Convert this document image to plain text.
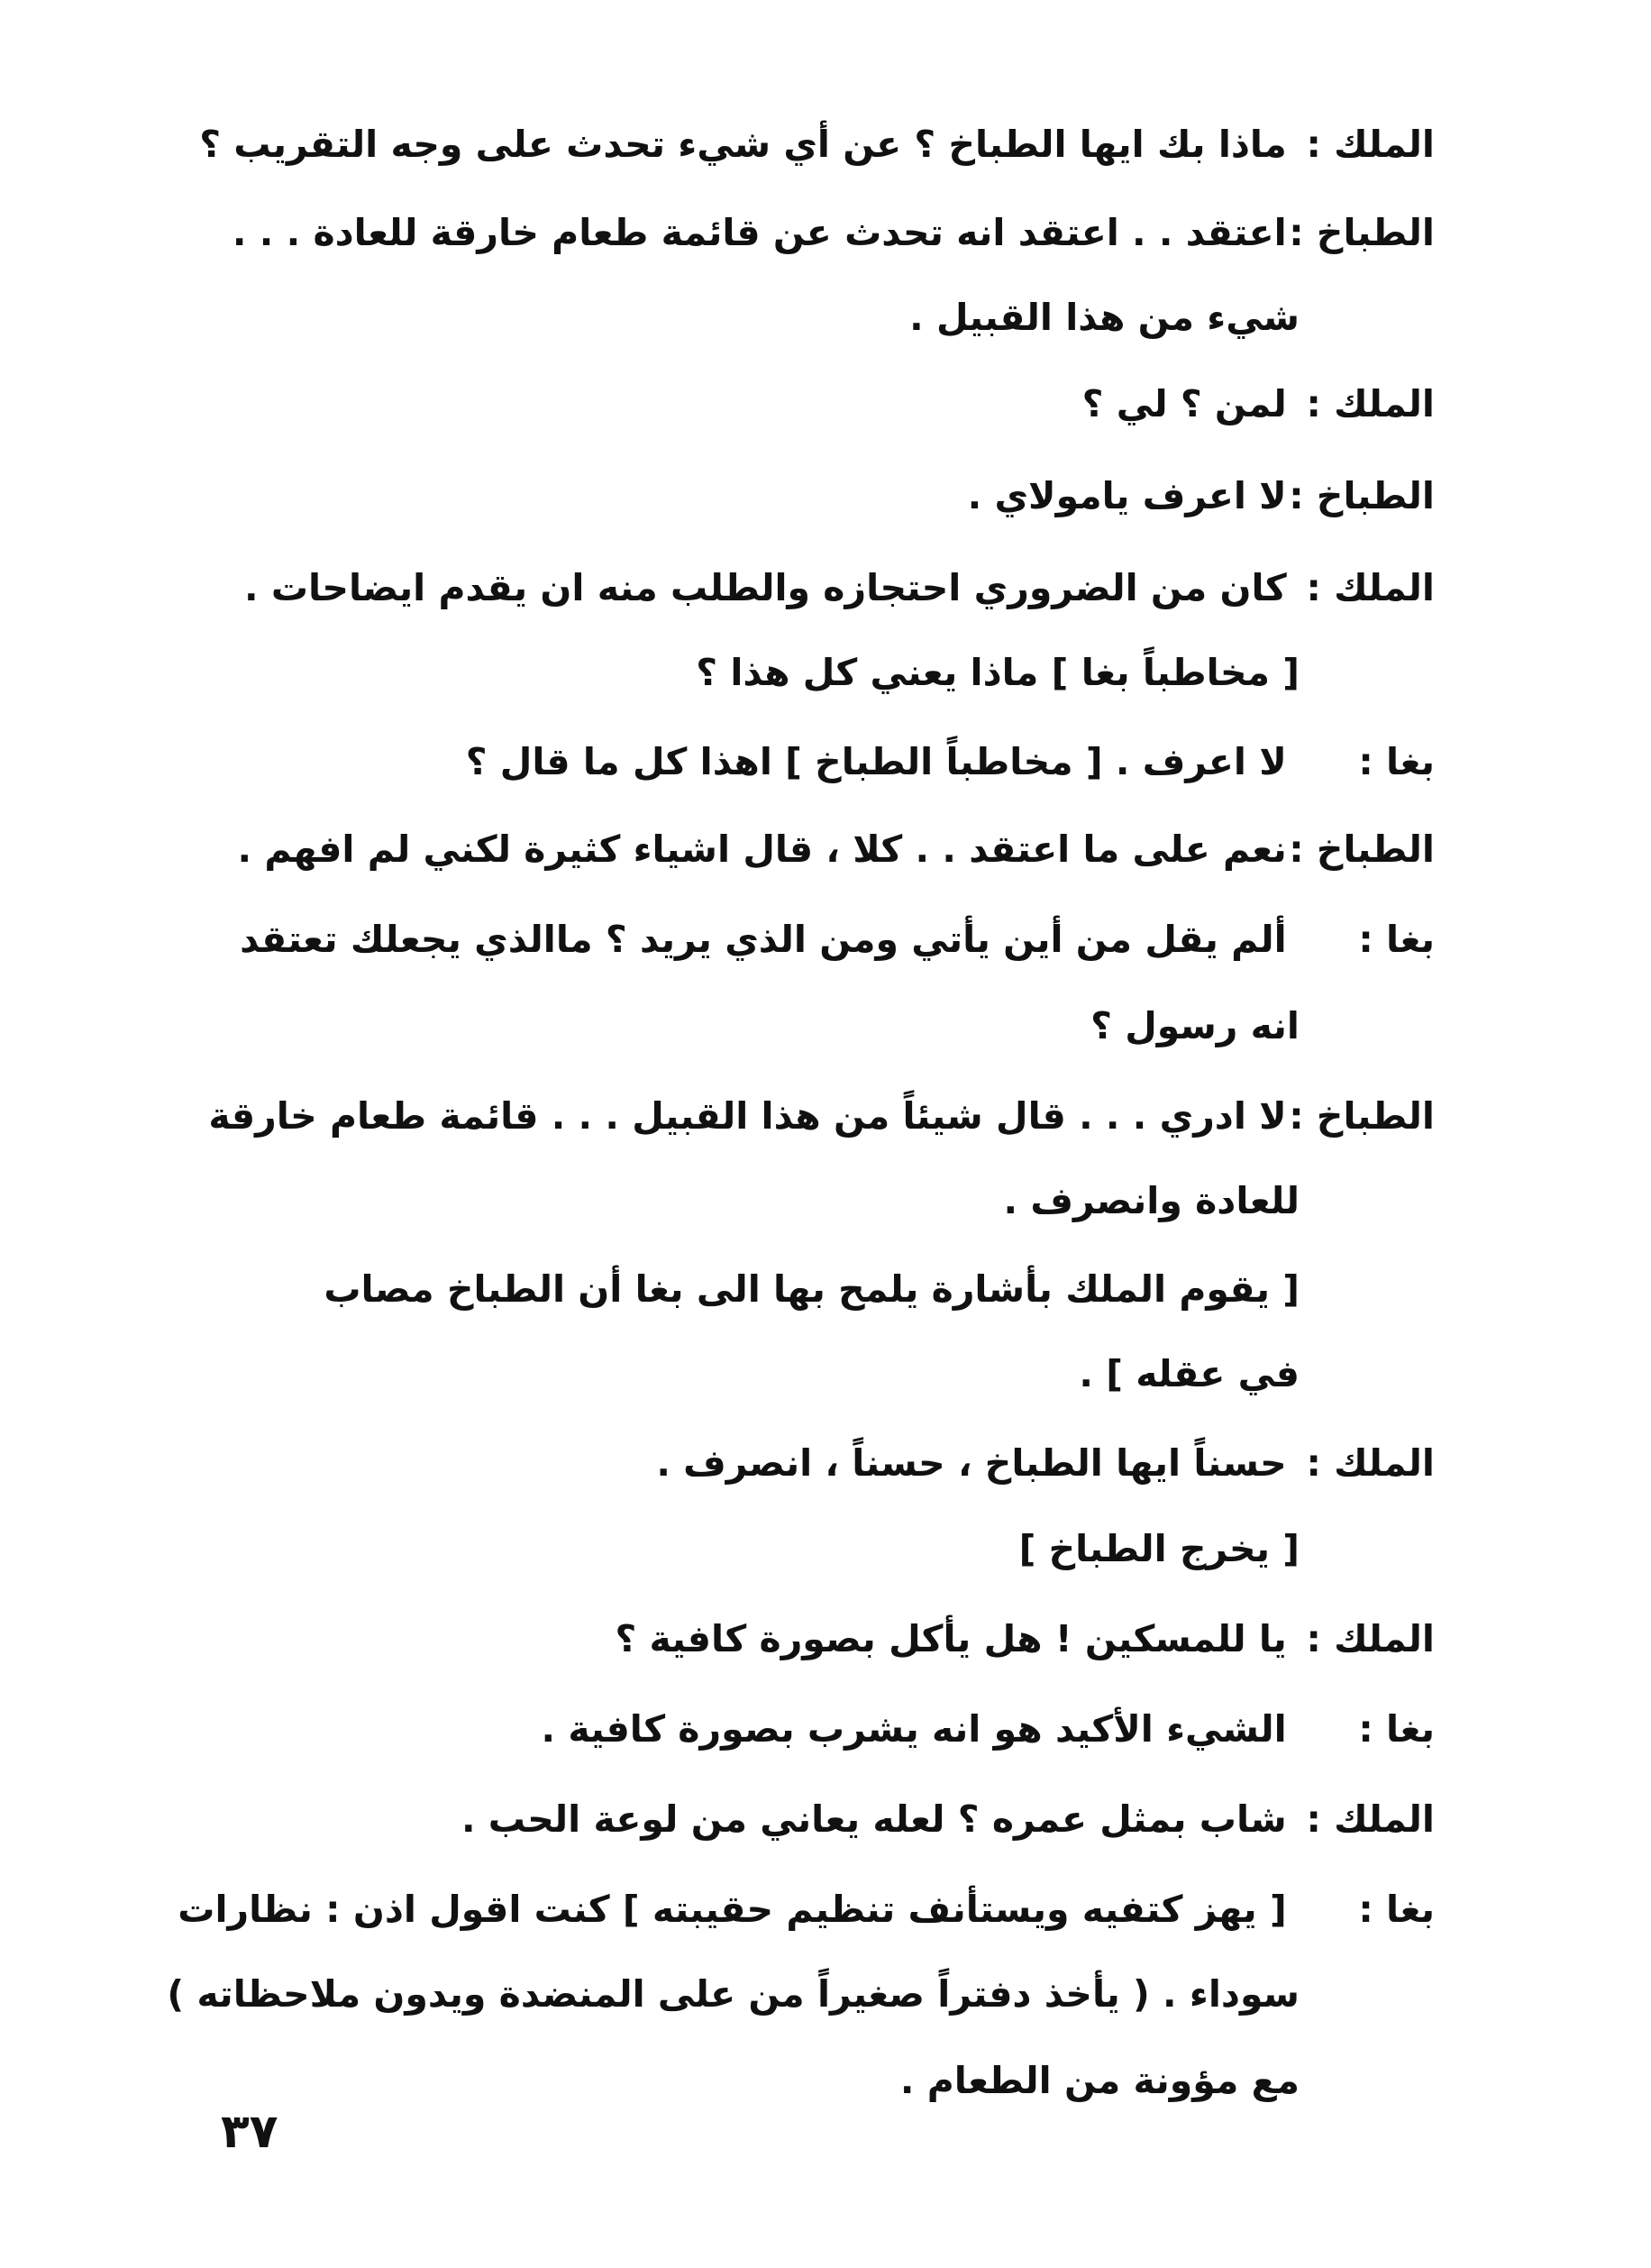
الملك : ماذا بك ايها الطباخ ؟ عن أي شيء تحدث على وجه التقريب ؟
الطباخ : اعتقد . . اعتقد انه تحدث عن قائمة طعام خارقة للعادة . . .
شيء من هذا القبيل .
الملك : لمن ؟ لي ؟
الطباخ : لا اعرف يامولاي .
الملك : كان من الضروري احتجازه والطلب منه ان يقدم ايضاحات .
[ مخاطباً بغا ] ماذا يعني كل هذا ؟
بغا : لا اعرف . [ مخاطباً الطباخ ] اهذا كل ما قال ؟
الطباخ : نعم على ما اعتقد . . كلا ، قال اشياء كثيرة لكني لم افهم .
بغا : ألم يقل من أين يأتي ومن الذي يريد ؟ ماالذي يجعلك تعتقد
انه رسول ؟
الطباخ : لا ادري . . . قال شيئاً من هذا القبيل . . . قائمة طعام خارقة
للعادة وانصرف .
[ يقوم الملك بأشارة يلمح بها الى بغا أن الطباخ مصاب
في عقله ] .
الملك : حسناً ايها الطباخ ، حسناً ، انصرف .
[ يخرج الطباخ ]
الملك : يا للمسكين ! هل يأكل بصورة كافية ؟
بغا : الشيء الأكيد هو انه يشرب بصورة كافية .
الملك : شاب بمثل عمره ؟ لعله يعاني من لوعة الحب .
بغا : [ يهز كتفيه ويستأنف تنظيم حقيبته ] كنت اقول اذن : نظارات
سوداء . ( يأخذ دفتراً صغيراً من على المنضدة ويدون ملاحظاته )
مع مؤونة من الطعام .
٣٧
